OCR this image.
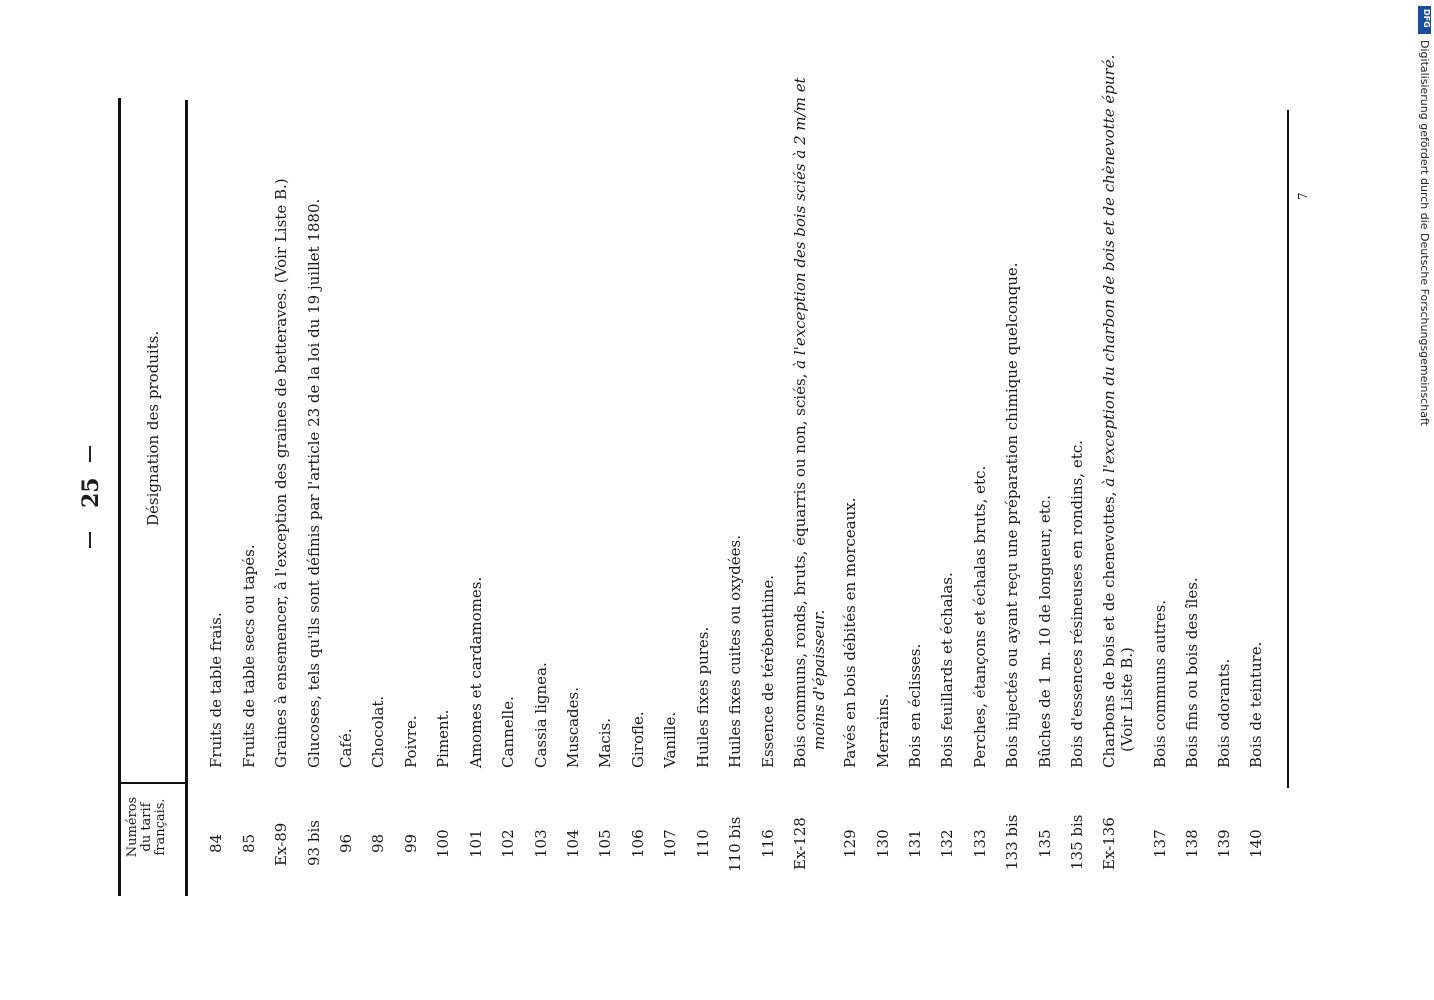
25
Numéros du tarif français.
Désignation des produits.
84
Fruits de table frais.
85
Fruits de table secs ou tapés.
Ex-89
Graines à ensemencer, à l'exception des graines de betteraves. (Voir Liste B.)
93 bis
Glucoses, tels qu'ils sont définis par l'article 23 de la loi du 19 juillet 1880.
96
Café.
98
Chocolat.
99
Poivre.
100
Piment.
101
Amomes et cardamomes.
102
Cannelle.
103
Cassia lignea.
104
Muscades.
105
Macis.
106
Girofle.
107
Vanille.
110
Huiles fixes pures.
110 bis
Huiles fixes cuites ou oxydées.
116
Essence de térébenthine.
Ex-128
Bois communs, ronds, bruts, équarris ou non, sciés, à l'exception des bois sciés à 2 m/m et
moins d'épaisseur.
129
Pavés en bois débités en morceaux.
130
Merrains.
131
Bois en éclisses.
132
Bois feuillards et échalas.
133
Perches, étançons et échalas bruts, etc.
133 bis
Bois injectés ou ayant reçu une préparation chimique quelconque.
135
Bûches de 1 m. 10 de longueur, etc.
135 bis
Bois d'essences résineuses en rondins, etc.
Ex-136
Charbons de bois et de chenevottes, à l'exception du charbon de bois et de chènevotte épuré.
(Voir Liste B.)
137
Bois communs autres.
138
Bois fins ou bois des îles.
139
Bois odorants.
140
Bois de teinture.
7
DFG
Digitalisierung gefördert durch die Deutsche Forschungsgemeinschaft
